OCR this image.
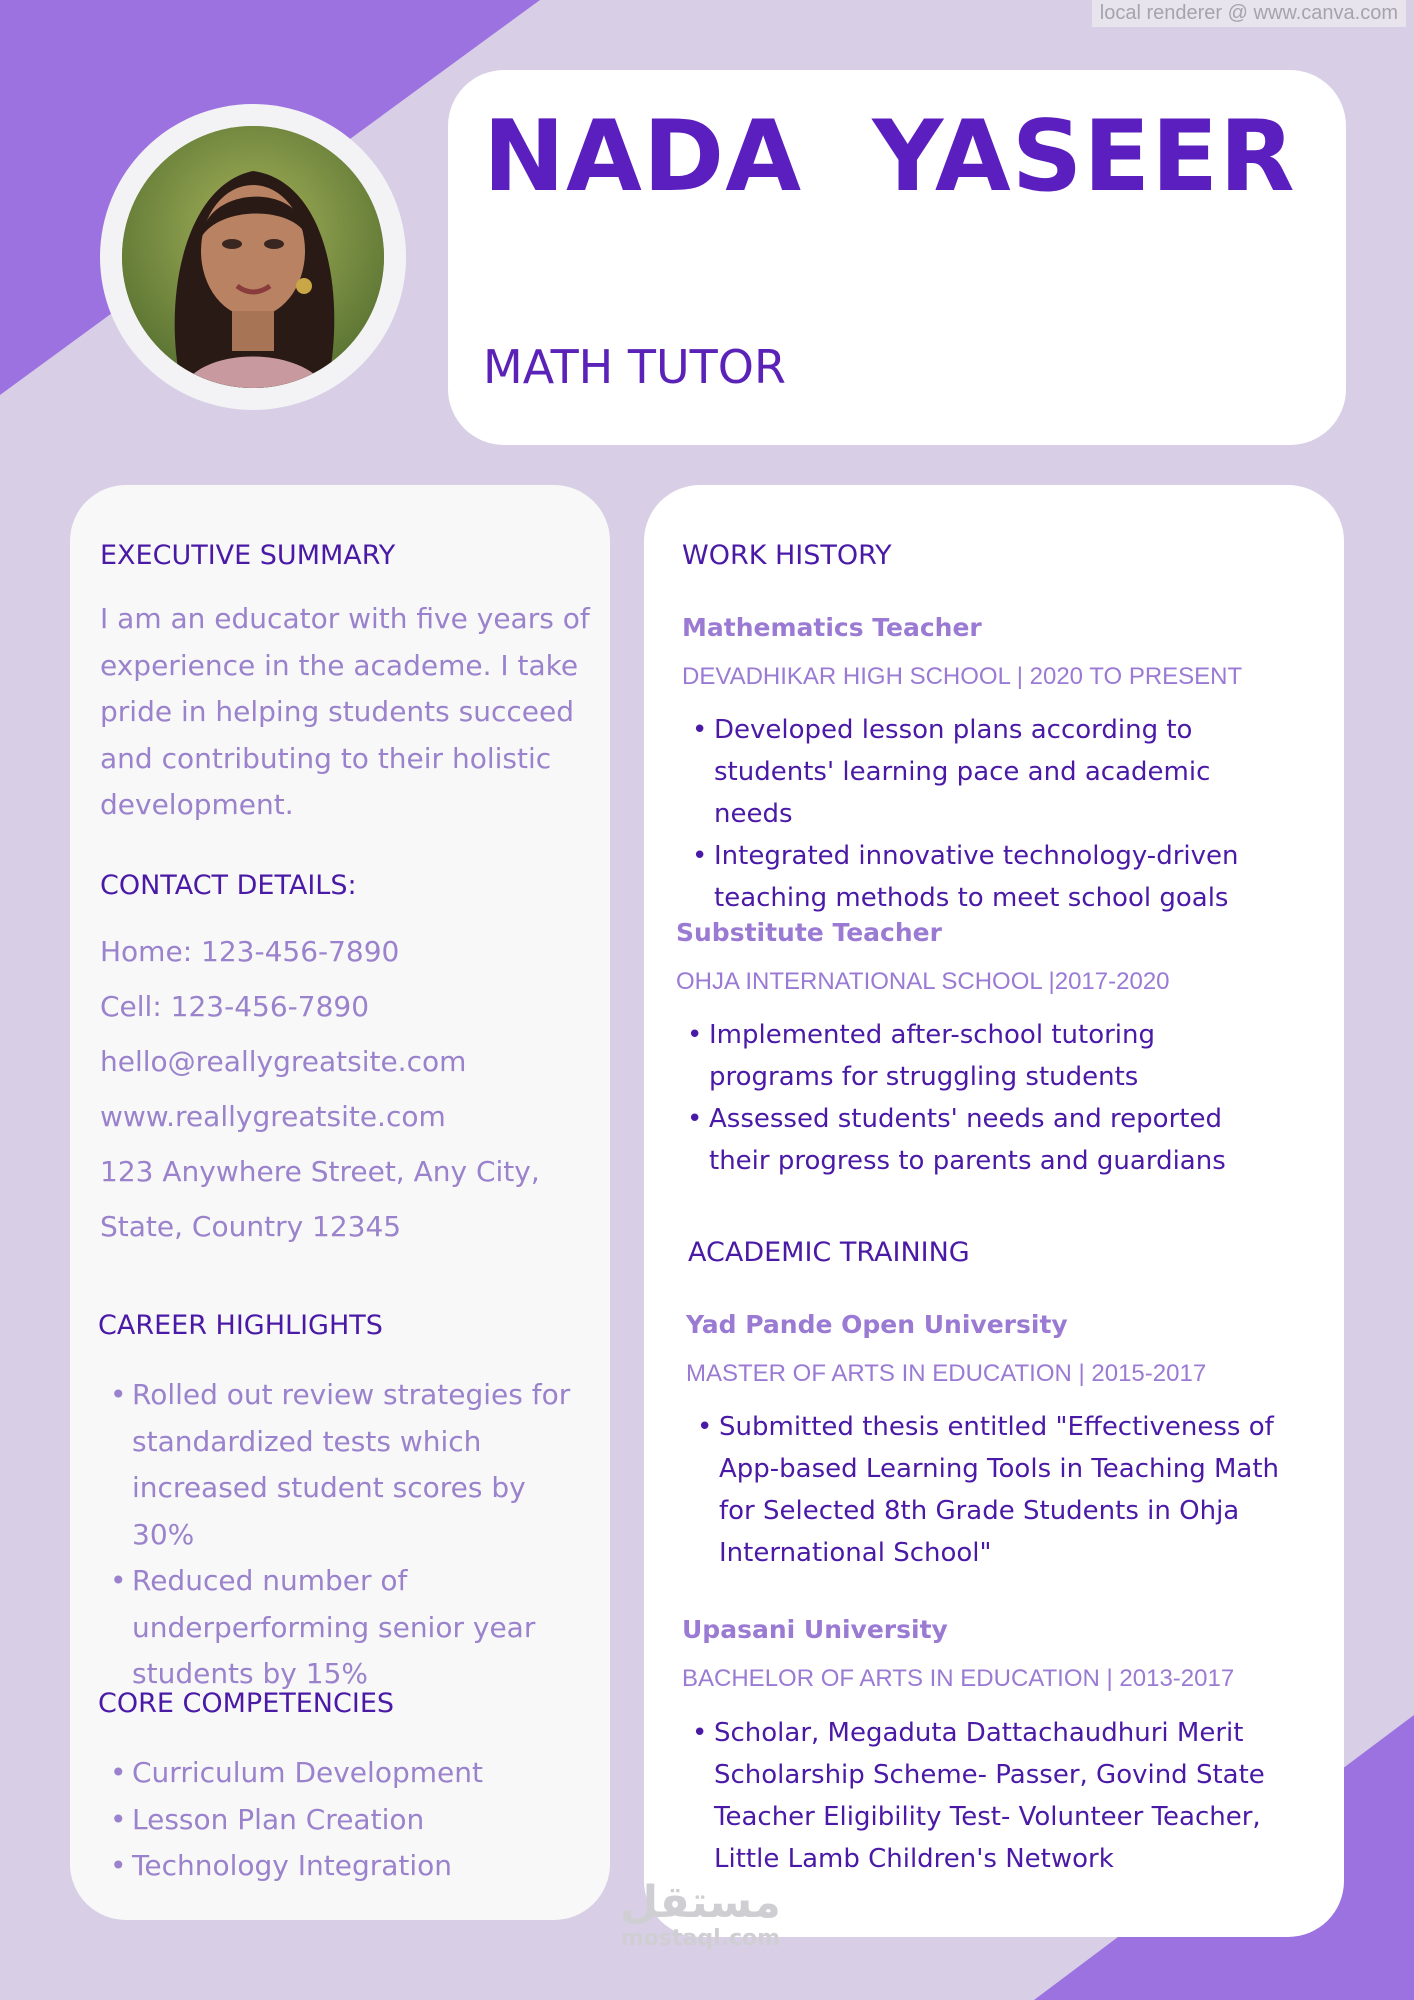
local renderer @ www.canva.com
NADA  YASEER
MATH TUTOR
EXECUTIVE SUMMARY

I am an educator with five years of experience in the academe. I take pride in helping students succeed and contributing to their holistic development.

CONTACT DETAILS:

Home: 123-456-7890

Cell: 123-456-7890

hello@reallygreatsite.com

www.reallygreatsite.com

123 Anywhere Street, Any City,

State, Country 12345

CAREER HIGHLIGHTS
• Rolled out review strategies for standardized tests which increased student scores by 30%
• Reduced number of underperforming senior year students by 15%
CORE COMPETENCIES
• Curriculum Development
• Lesson Plan Creation
• Technology Integration
WORK HISTORY

Mathematics Teacher

DEVADHIKAR HIGH SCHOOL | 2020 TO PRESENT

• Developed lesson plans according to students' learning pace and academic needs
• Integrated innovative technology-driven teaching methods to meet school goals

Substitute Teacher

OHJA INTERNATIONAL SCHOOL |2017-2020

• Implemented after-school tutoring programs for struggling students
• Assessed students' needs and reported their progress to parents and guardians
ACADEMIC TRAINING

Yad Pande Open University

MASTER OF ARTS IN EDUCATION | 2015-2017

• Submitted thesis entitled "Effectiveness of App-based Learning Tools in Teaching Math for Selected 8th Grade Students in Ohja International School"

Upasani University

BACHELOR OF ARTS IN EDUCATION | 2013-2017

• Scholar, Megaduta Dattachaudhuri Merit Scholarship Scheme- Passer, Govind State Teacher Eligibility Test- Volunteer Teacher, Little Lamb Children's Network
مستقل
mostaql.com
